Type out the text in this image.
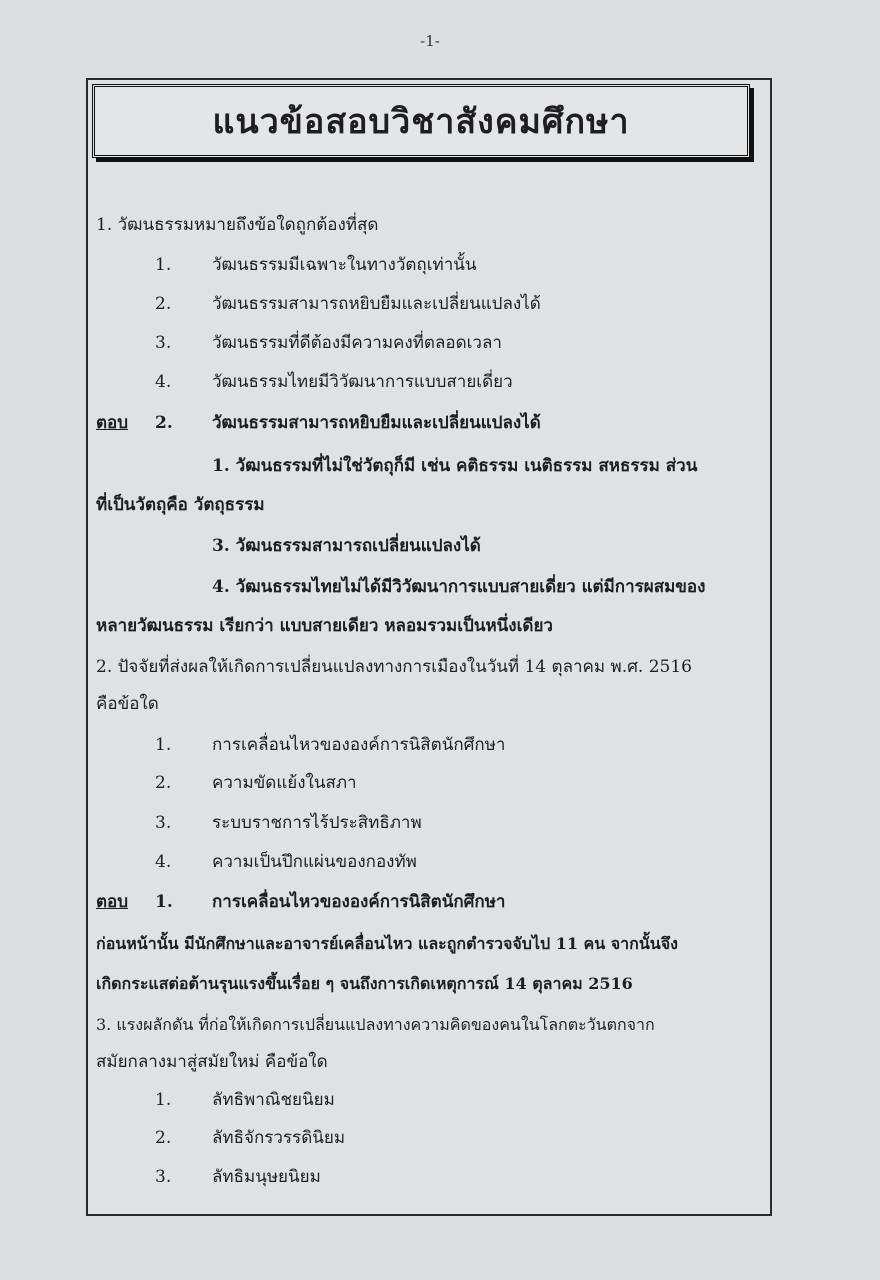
-1-
แนวข้อสอบวิชาสังคมศึกษา
1. วัฒนธรรมหมายถึงข้อใดถูกต้องที่สุด
1. วัฒนธรรมมีเฉพาะในทางวัตถุเท่านั้น
2. วัฒนธรรมสามารถหยิบยืมและเปลี่ยนแปลงได้
3. วัฒนธรรมที่ดีต้องมีความคงที่ตลอดเวลา
4. วัฒนธรรมไทยมีวิวัฒนาการแบบสายเดี่ยว
ตอบ 2. วัฒนธรรมสามารถหยิบยืมและเปลี่ยนแปลงได้
1. วัฒนธรรมที่ไม่ใช่วัตถุก็มี เช่น คติธรรม เนติธรรม สหธรรม ส่วน
ที่เป็นวัตถุคือ วัตถุธรรม
3. วัฒนธรรมสามารถเปลี่ยนแปลงได้
4. วัฒนธรรมไทยไม่ได้มีวิวัฒนาการแบบสายเดี่ยว แต่มีการผสมของ
หลายวัฒนธรรม เรียกว่า แบบสายเดียว หลอมรวมเป็นหนึ่งเดียว
2. ปัจจัยที่ส่งผลให้เกิดการเปลี่ยนแปลงทางการเมืองในวันที่ 14 ตุลาคม พ.ศ. 2516
คือข้อใด
1. การเคลื่อนไหวขององค์การนิสิตนักศึกษา
2. ความขัดแย้งในสภา
3. ระบบราชการไร้ประสิทธิภาพ
4. ความเป็นปึกแผ่นของกองทัพ
ตอบ 1. การเคลื่อนไหวขององค์การนิสิตนักศึกษา
ก่อนหน้านั้น มีนักศึกษาและอาจารย์เคลื่อนไหว และถูกตำรวจจับไป 11 คน จากนั้นจึง
เกิดกระแสต่อต้านรุนแรงขึ้นเรื่อย ๆ จนถึงการเกิดเหตุการณ์ 14 ตุลาคม 2516
3. แรงผลักดัน ที่ก่อให้เกิดการเปลี่ยนแปลงทางความคิดของคนในโลกตะวันตกจาก
สมัยกลางมาสู่สมัยใหม่ คือข้อใด
1. ลัทธิพาณิชยนิยม
2. ลัทธิจักรวรรดินิยม
3. ลัทธิมนุษยนิยม
